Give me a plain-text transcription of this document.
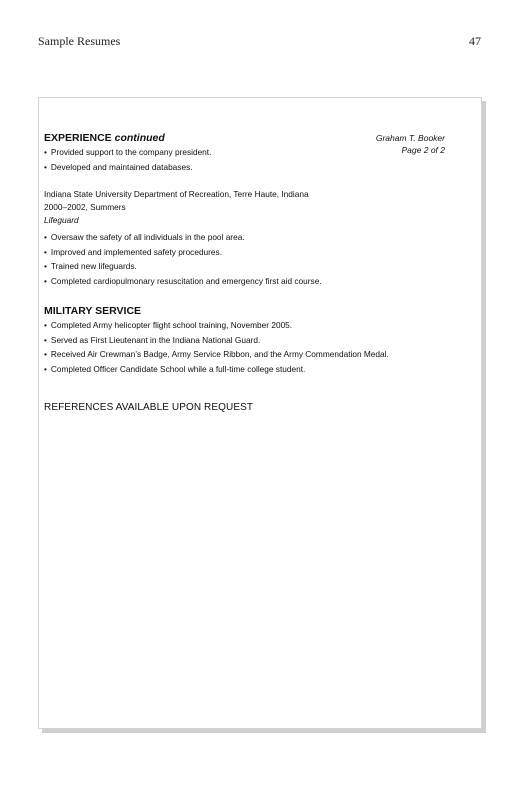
Sample Resumes	47
Graham T. Booker
Page 2 of 2
EXPERIENCE continued
• Provided support to the company president.
• Developed and maintained databases.
Indiana State University Department of Recreation, Terre Haute, Indiana
2000–2002, Summers
Lifeguard
• Oversaw the safety of all individuals in the pool area.
• Improved and implemented safety procedures.
• Trained new lifeguards.
• Completed cardiopulmonary resuscitation and emergency first aid course.
MILITARY SERVICE
• Completed Army helicopter flight school training, November 2005.
• Served as First Lieutenant in the Indiana National Guard.
• Received Air Crewman’s Badge, Army Service Ribbon, and the Army Commendation Medal.
• Completed Officer Candidate School while a full-time college student.
REFERENCES AVAILABLE UPON REQUEST
